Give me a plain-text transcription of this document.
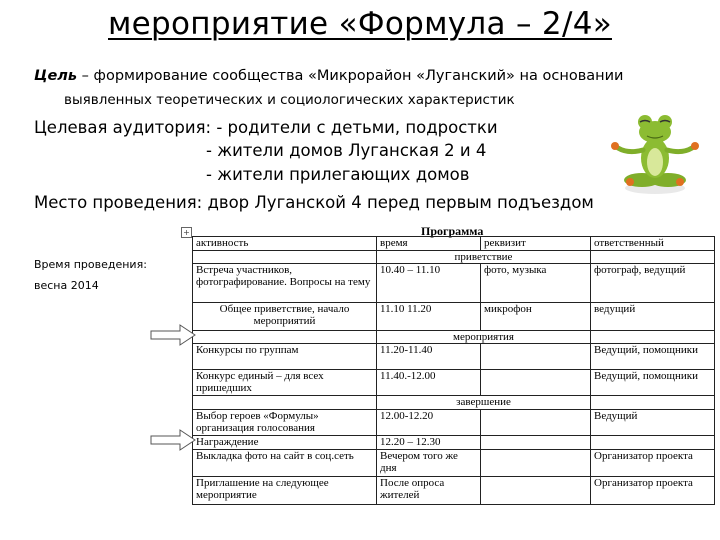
мероприятие «Формула – 2/4»
Цель – формирование сообщества «Микрорайон «Луганский» на основании
выявленных теоретических и социологических характеристик
Целевая аудитория: - родители с детьми, подростки
- жители домов Луганская 2 и 4
- жители прилегающих домов
Место проведения: двор Луганской 4 перед первым подъездом
Время проведения:
весна 2014
+	Программа
активность	время	реквизит	ответственный
	приветствие		
Встреча участников, фотографирование. Вопросы на тему	10.40 – 11.10	фото, музыка	фотограф, ведущий
Общее приветствие, начало мероприятий	11.10 11.20	микрофон	ведущий
	мероприятия		
Конкурсы по группам	11.20-11.40		Ведущий, помощники
Конкурс единый – для всех пришедших	11.40.-12.00		Ведущий, помощники
	завершение		
Выбор героев «Формулы» организация голосования	12.00-12.20		Ведущий
Награждение	12.20 – 12.30		
Выкладка фото на сайт в соц.сеть	Вечером того же дня		Организатор проекта
Приглашение на следующее мероприятие	После опроса жителей		Организатор проекта
